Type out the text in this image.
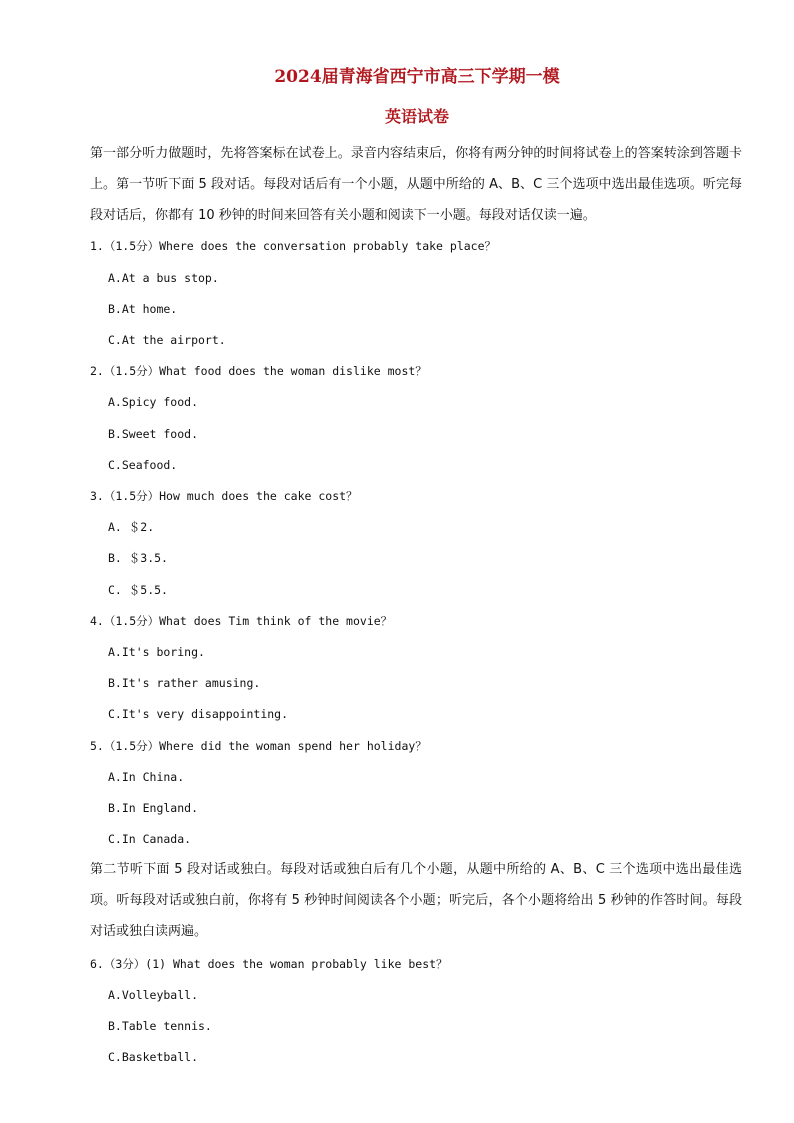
2024届青海省西宁市高三下学期一模
英语试卷
第一部分听力做题时，先将答案标在试卷上。录音内容结束后，你将有两分钟的时间将试卷上的答案转涂到答题卡上。第一节听下面 5 段对话。每段对话后有一个小题，从题中所给的 A、B、C 三个选项中选出最佳选项。听完每段对话后，你都有 10 秒钟的时间来回答有关小题和阅读下一小题。每段对话仅读一遍。
1.（1.5分）Where does the conversation probably take place？
A.At a bus stop.
B.At home.
C.At the airport.
2.（1.5分）What food does the woman dislike most？
A.Spicy food.
B.Sweet food.
C.Seafood.
3.（1.5分）How much does the cake cost？
A. ＄2.
B. ＄3.5.
C. ＄5.5.
4.（1.5分）What does Tim think of the movie？
A.It's boring.
B.It's rather amusing.
C.It's very disappointing.
5.（1.5分）Where did the woman spend her holiday？
A.In China.
B.In England.
C.In Canada.
第二节听下面 5 段对话或独白。每段对话或独白后有几个小题，从题中所给的 A、B、C 三个选项中选出最佳选项。听每段对话或独白前，你将有 5 秒钟时间阅读各个小题；听完后，各个小题将给出 5 秒钟的作答时间。每段对话或独白读两遍。
6.（3分）(1) What does the woman probably like best？
A.Volleyball.
B.Table tennis.
C.Basketball.
